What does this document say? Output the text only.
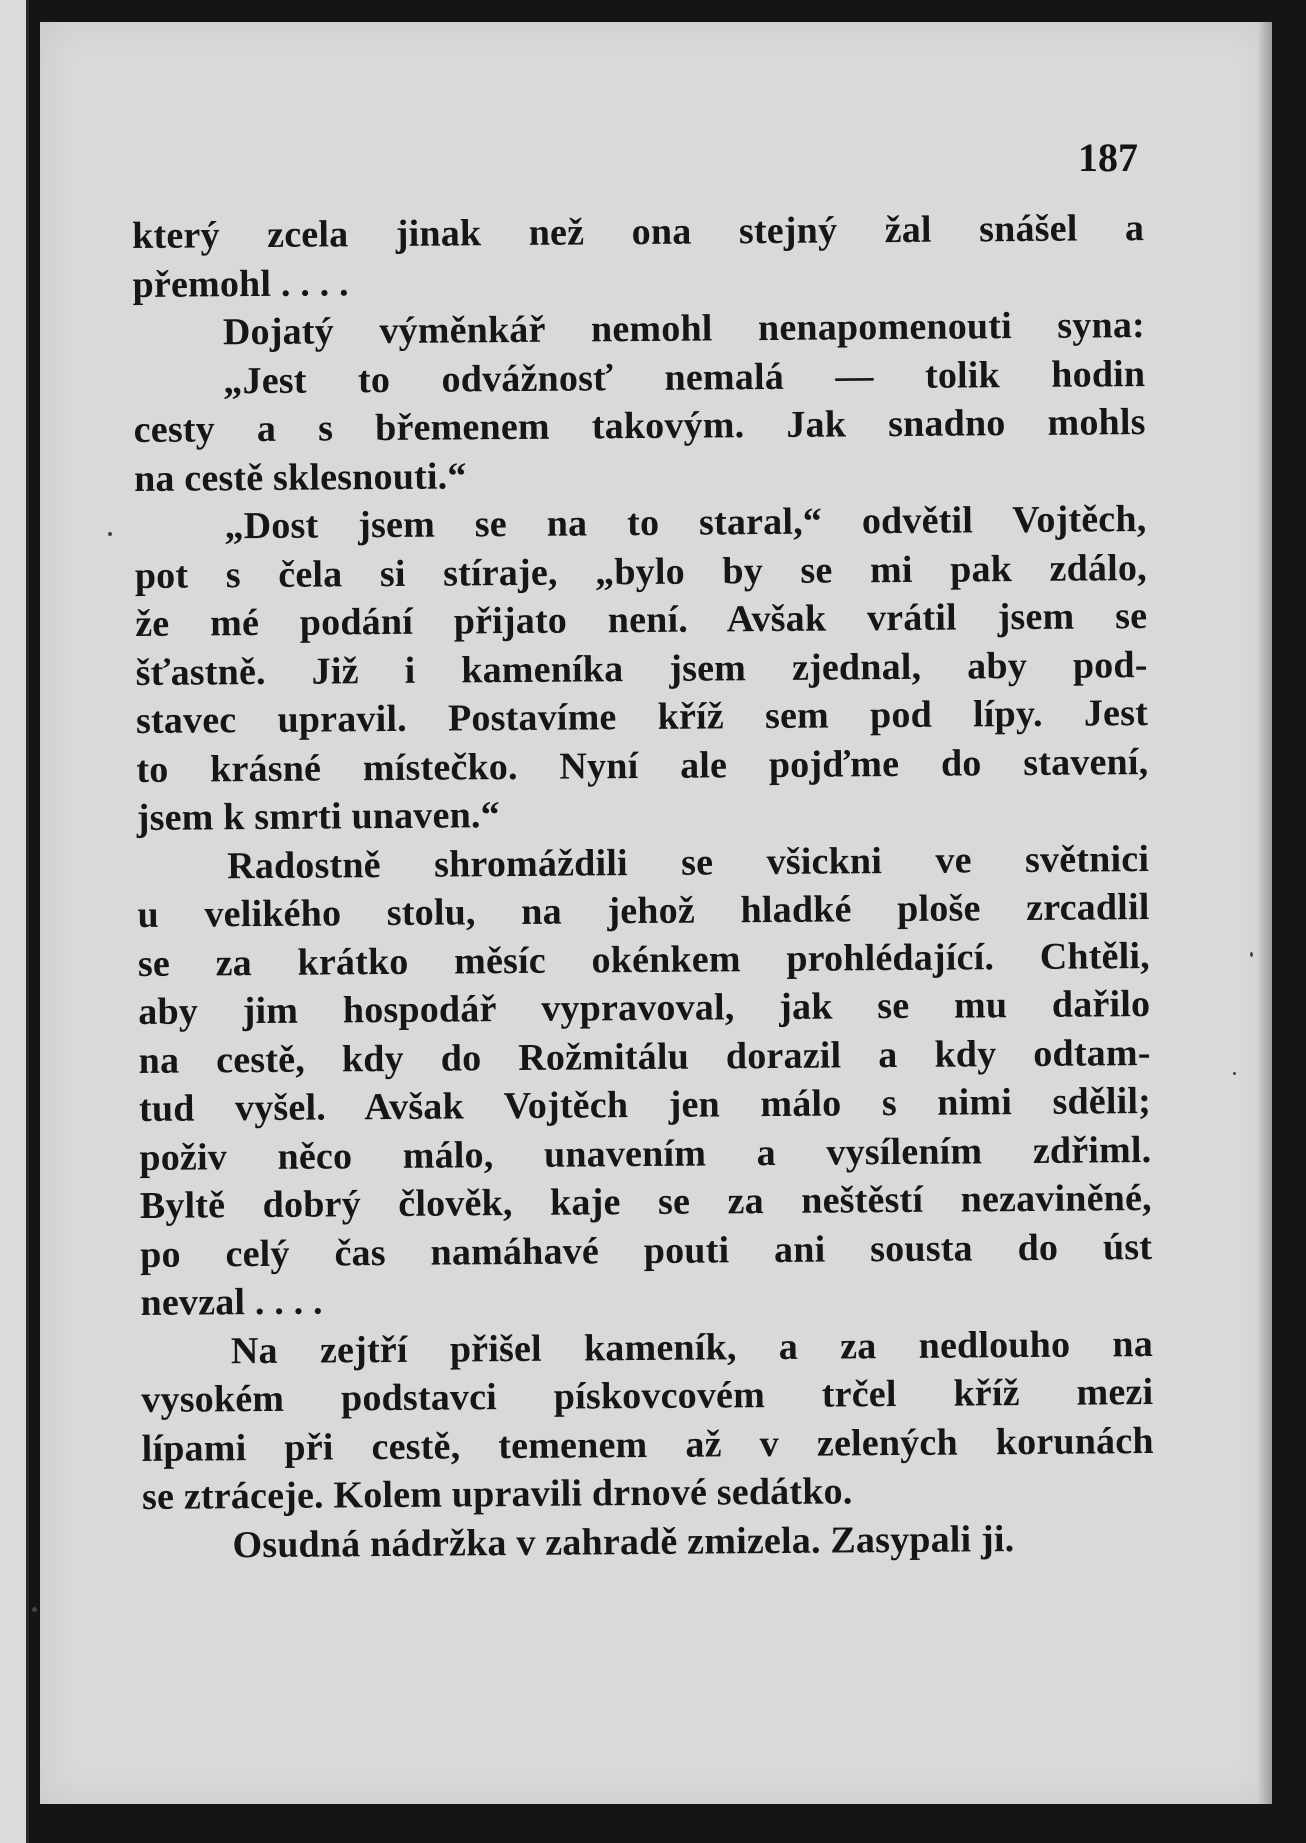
187

který zcela jinak než ona stejný žal snášel a
přemohl . . . .
Dojatý výměnkář nemohl nenapomenouti syna:
„Jest to odvážnosť nemalá — tolik hodin
cesty a s břemenem takovým. Jak snadno mohls
na cestě sklesnouti.“
„Dost jsem se na to staral,“ odvětil Vojtěch,
pot s čela si stíraje, „bylo by se mi pak zdálo,
že mé podání přijato není. Avšak vrátil jsem se
šťastně. Již i kameníka jsem zjednal, aby pod-
stavec upravil. Postavíme kříž sem pod lípy. Jest
to krásné místečko. Nyní ale pojďme do stavení,
jsem k smrti unaven.“
Radostně shromáždili se všickni ve světnici
u velikého stolu, na jehož hladké ploše zrcadlil
se za krátko měsíc okénkem prohlédající. Chtěli,
aby jim hospodář vypravoval, jak se mu dařilo
na cestě, kdy do Rožmitálu dorazil a kdy odtam-
tud vyšel. Avšak Vojtěch jen málo s nimi sdělil;
poživ něco málo, unavením a vysílením zdřiml.
Byltě dobrý člověk, kaje se za neštěstí nezaviněné,
po celý čas namáhavé pouti ani sousta do úst
nevzal . . . .
Na zejtří přišel kameník, a za nedlouho na
vysokém podstavci pískovcovém trčel kříž mezi
lípami při cestě, temenem až v zelených korunách
se ztráceje. Kolem upravili drnové sedátko.
Osudná nádržka v zahradě zmizela. Zasypali ji.
